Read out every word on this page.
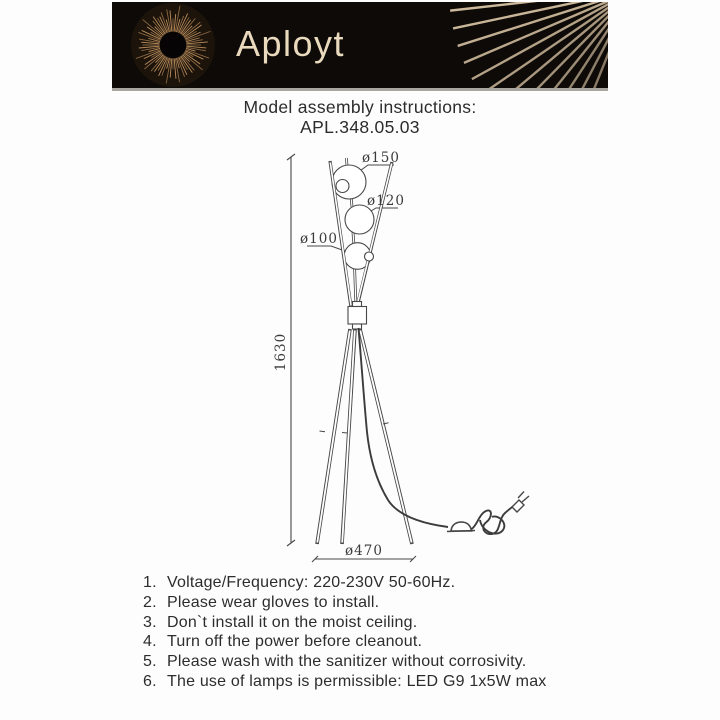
Aployt
Model assembly instructions:
APL.348.05.03
ø150
ø120
ø100
1630
ø470
1. Voltage/Frequency: 220-230V 50-60Hz.
2. Please wear gloves to install.
3. Don`t install it on the moist ceiling.
4. Turn off the power before cleanout.
5. Please wash with the sanitizer without corrosivity.
6. The use of lamps is permissible: LED G9 1x5W max
